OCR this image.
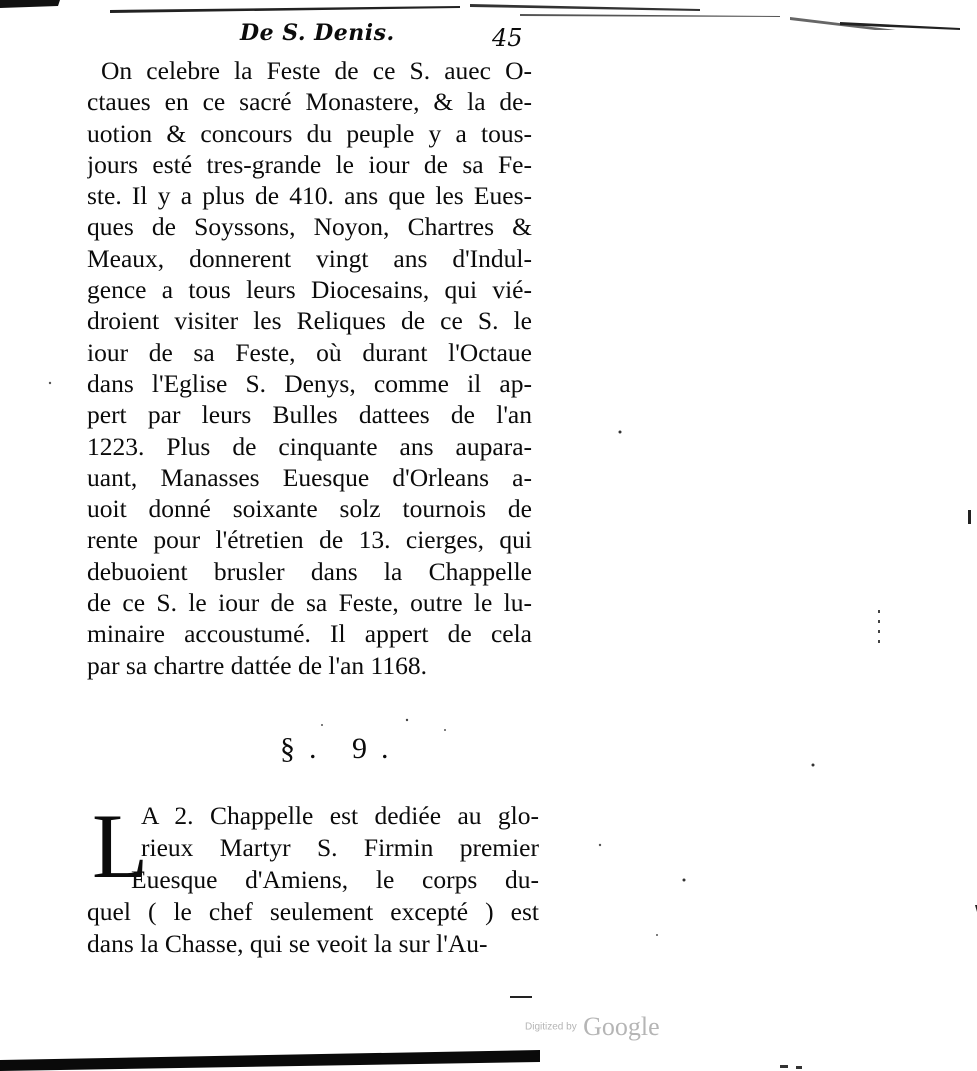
De S. Denis.	45
On celebre la Feste de ce S. auec O-
ctaues en ce sacré Monastere, & la de-
uotion & concours du peuple y a tous-
jours esté tres-grande le iour de sa Fe-
ste. Il y a plus de 410. ans que les Eues-
ques de Soyssons, Noyon, Chartres &
Meaux, donnerent vingt ans d'Indul-
gence a tous leurs Diocesains, qui vié-
droient visiter les Reliques de ce S. le
iour de sa Feste, où durant l'Octaue
dans l'Eglise S. Denys, comme il ap-
pert par leurs Bulles dattees de l'an
1223. Plus de cinquante ans aupara-
uant, Manasses Euesque d'Orleans a-
uoit donné soixante solz tournois de
rente pour l'étretien de 13. cierges, qui
debuoient brusler dans la Chappelle
de ce S. le iour de sa Feste, outre le lu-
minaire accoustumé. Il appert de cela
par sa chartre dattée de l'an 1168.
§. 9.
L
A 2. Chappelle est dediée au glo-
rieux Martyr S. Firmin premier
Euesque d'Amiens, le corps du-
quel ( le chef seulement excepté ) est
dans la Chasse, qui se veoit la sur l'Au-
Digitized by Google
